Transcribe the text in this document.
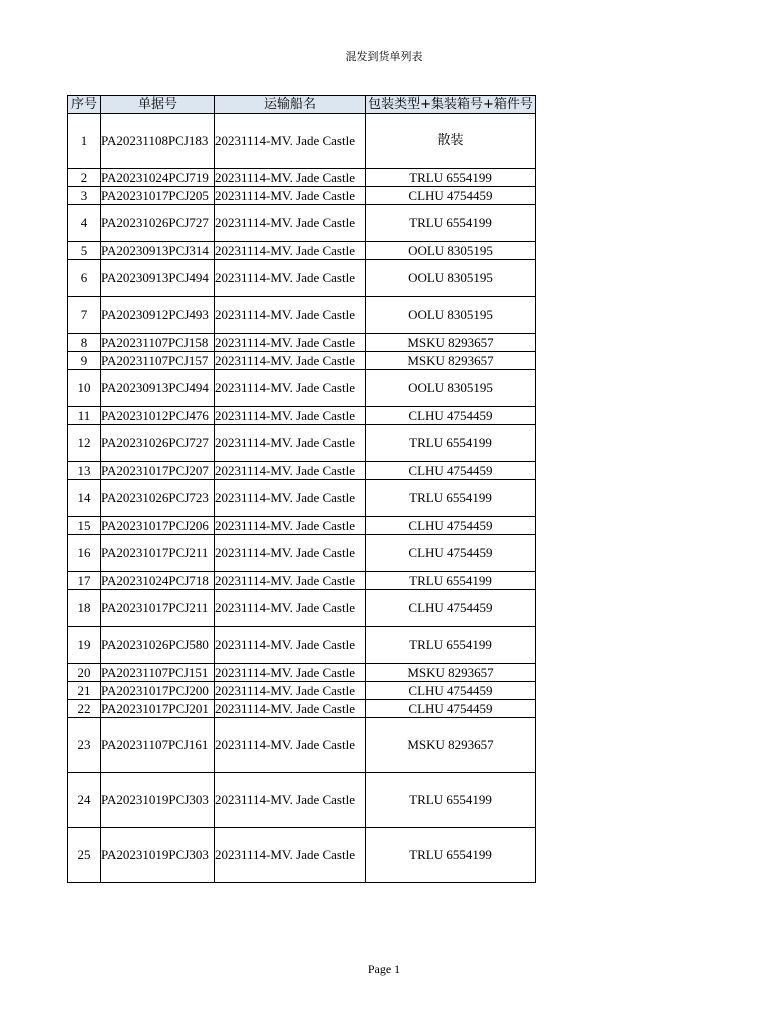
混发到货单列表
序号	单据号	运输船名	包装类型+集装箱号+箱件号
1	PA20231108PCJ183	20231114-MV. Jade Castle	散装
2	PA20231024PCJ719	20231114-MV. Jade Castle	TRLU 6554199
3	PA20231017PCJ205	20231114-MV. Jade Castle	CLHU 4754459
4	PA20231026PCJ727	20231114-MV. Jade Castle	TRLU 6554199
5	PA20230913PCJ314	20231114-MV. Jade Castle	OOLU 8305195
6	PA20230913PCJ494	20231114-MV. Jade Castle	OOLU 8305195
7	PA20230912PCJ493	20231114-MV. Jade Castle	OOLU 8305195
8	PA20231107PCJ158	20231114-MV. Jade Castle	MSKU 8293657
9	PA20231107PCJ157	20231114-MV. Jade Castle	MSKU 8293657
10	PA20230913PCJ494	20231114-MV. Jade Castle	OOLU 8305195
11	PA20231012PCJ476	20231114-MV. Jade Castle	CLHU 4754459
12	PA20231026PCJ727	20231114-MV. Jade Castle	TRLU 6554199
13	PA20231017PCJ207	20231114-MV. Jade Castle	CLHU 4754459
14	PA20231026PCJ723	20231114-MV. Jade Castle	TRLU 6554199
15	PA20231017PCJ206	20231114-MV. Jade Castle	CLHU 4754459
16	PA20231017PCJ211	20231114-MV. Jade Castle	CLHU 4754459
17	PA20231024PCJ718	20231114-MV. Jade Castle	TRLU 6554199
18	PA20231017PCJ211	20231114-MV. Jade Castle	CLHU 4754459
19	PA20231026PCJ580	20231114-MV. Jade Castle	TRLU 6554199
20	PA20231107PCJ151	20231114-MV. Jade Castle	MSKU 8293657
21	PA20231017PCJ200	20231114-MV. Jade Castle	CLHU 4754459
22	PA20231017PCJ201	20231114-MV. Jade Castle	CLHU 4754459
23	PA20231107PCJ161	20231114-MV. Jade Castle	MSKU 8293657
24	PA20231019PCJ303	20231114-MV. Jade Castle	TRLU 6554199
25	PA20231019PCJ303	20231114-MV. Jade Castle	TRLU 6554199
Page 1
